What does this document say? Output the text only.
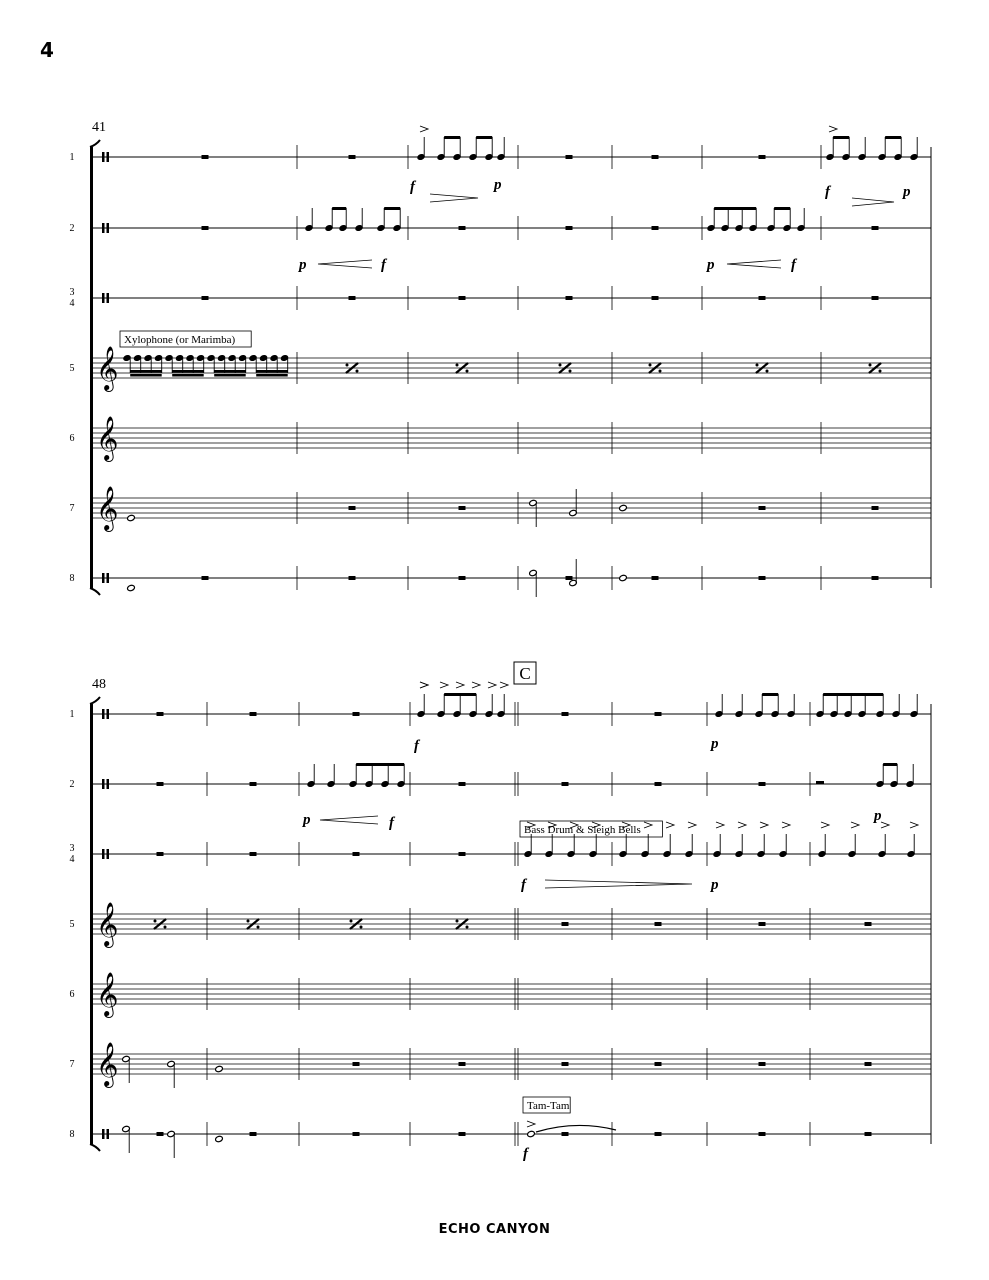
4
41
1
2
3
4
5 𝄞
6 𝄞
7 𝄞
8
Xylophone (or Marimba)
f	p	f	p
p	f	p	f
48
C
1
2
3
4
5 𝄞
6 𝄞
7 𝄞
8
Bass Drum & Sleigh Bells
Tam-Tam
f	p
p	f	p
f	p
f
ECHO CANYON
